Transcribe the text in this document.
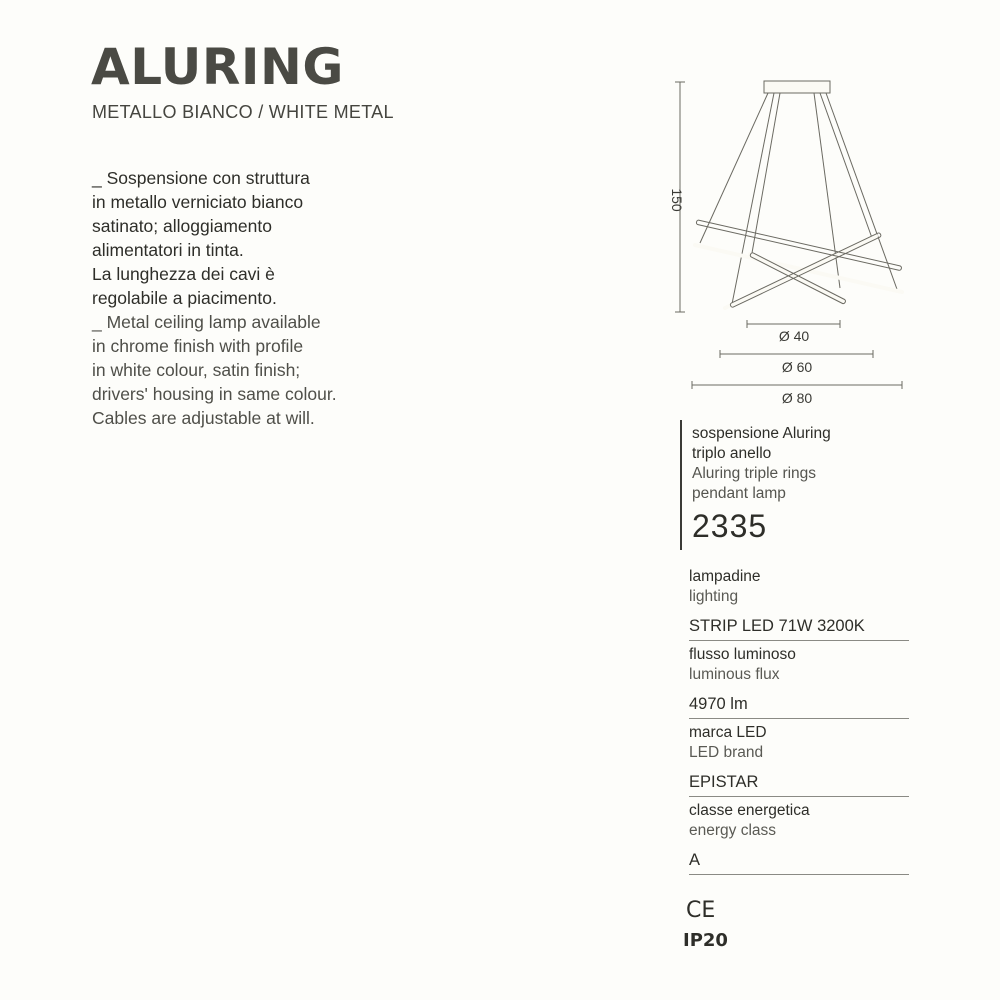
ALURING
METALLO BIANCO / WHITE METAL
_ Sospensione con struttura
in metallo verniciato bianco
satinato; alloggiamento
alimentatori in tinta.
La lunghezza dei cavi è
regolabile a piacimento.
_ Metal ceiling lamp available
in chrome finish with profile
in white colour, satin finish;
drivers' housing in same colour.
Cables are adjustable at will.
150
Ø 40
Ø 60
Ø 80
sospensione Aluring
triplo anello
Aluring triple rings
pendant lamp
2335
lampadine
lighting
STRIP LED 71W 3200K
flusso luminoso
luminous flux
4970 lm
marca LED
LED brand
EPISTAR
classe energetica
energy class
A
CE
IP20
